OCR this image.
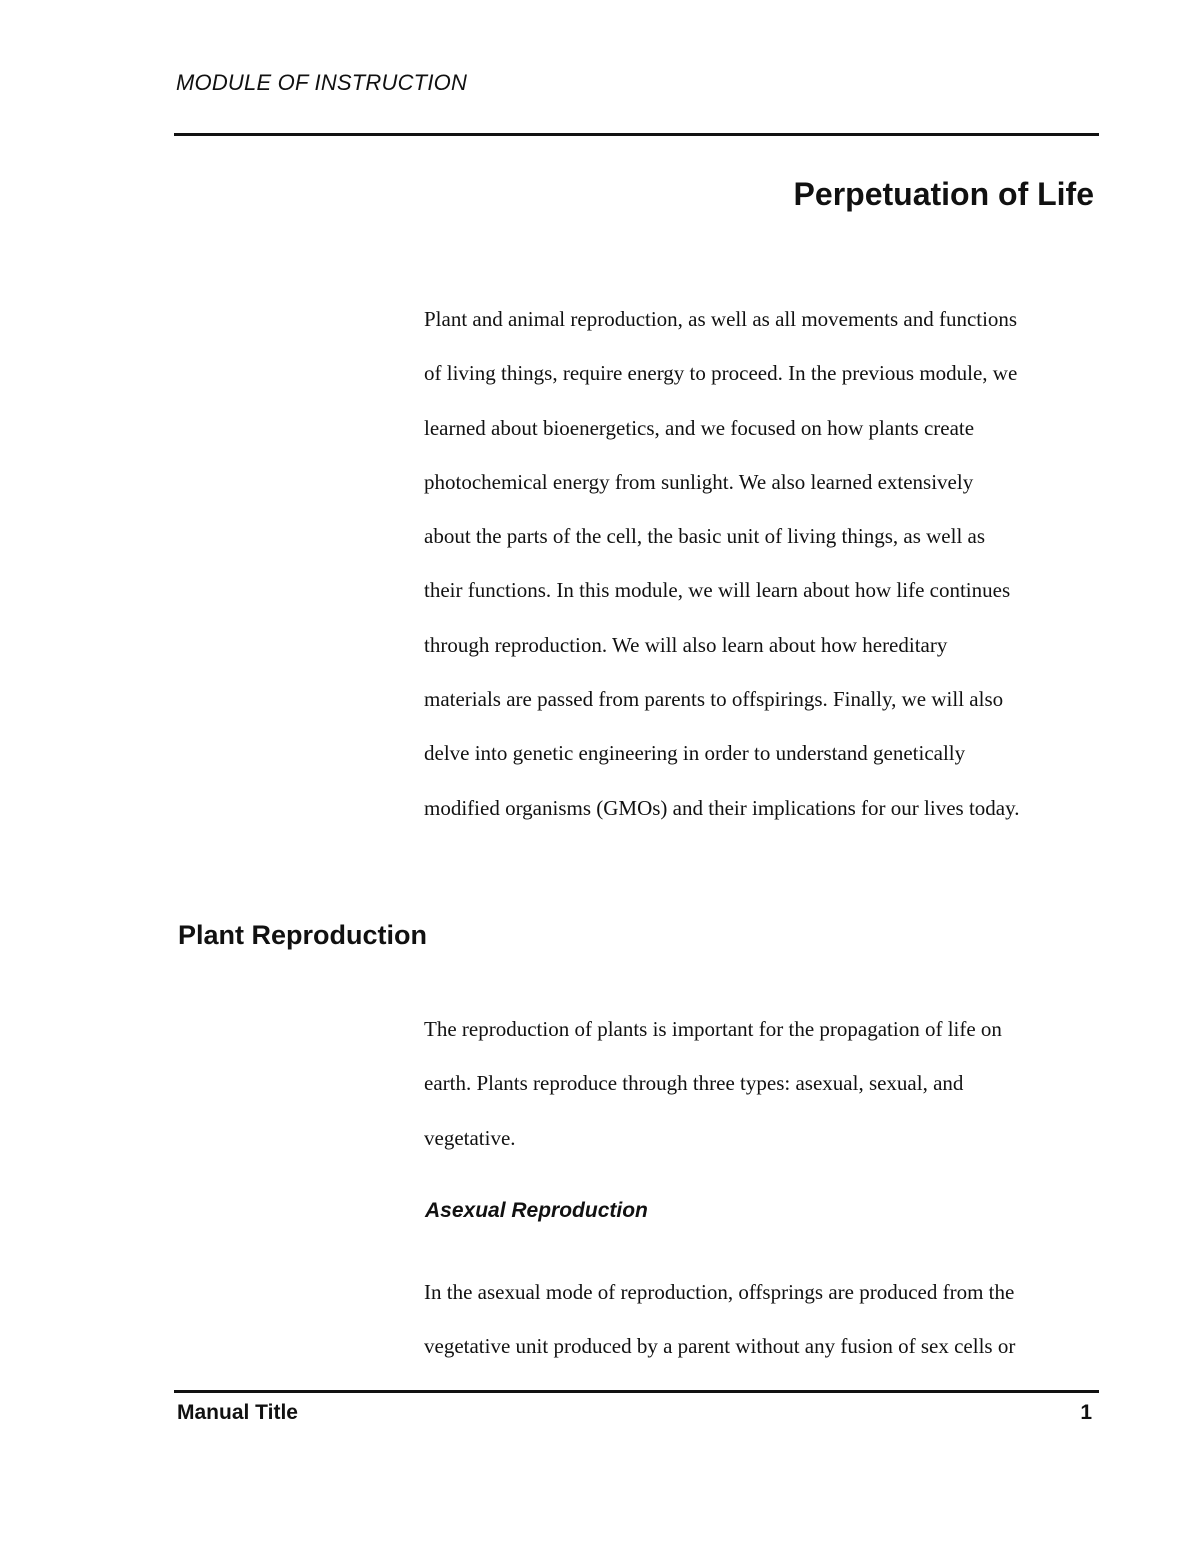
MODULE OF INSTRUCTION
Perpetuation of Life
Plant and animal reproduction, as well as all movements and functions
of living things, require energy to proceed. In the previous module, we
learned about bioenergetics, and we focused on how plants create
photochemical energy from sunlight. We also learned extensively
about the parts of the cell, the basic unit of living things, as well as
their functions. In this module, we will learn about how life continues
through reproduction. We will also learn about how hereditary
materials are passed from parents to offspirings. Finally, we will also
delve into genetic engineering in order to understand genetically
modified organisms (GMOs) and their implications for our lives today.
Plant Reproduction
The reproduction of plants is important for the propagation of life on
earth. Plants reproduce through three types: asexual, sexual, and
vegetative.
Asexual Reproduction
In the asexual mode of reproduction, offsprings are produced from the
vegetative unit produced by a parent without any fusion of sex cells or
Manual Title	1
